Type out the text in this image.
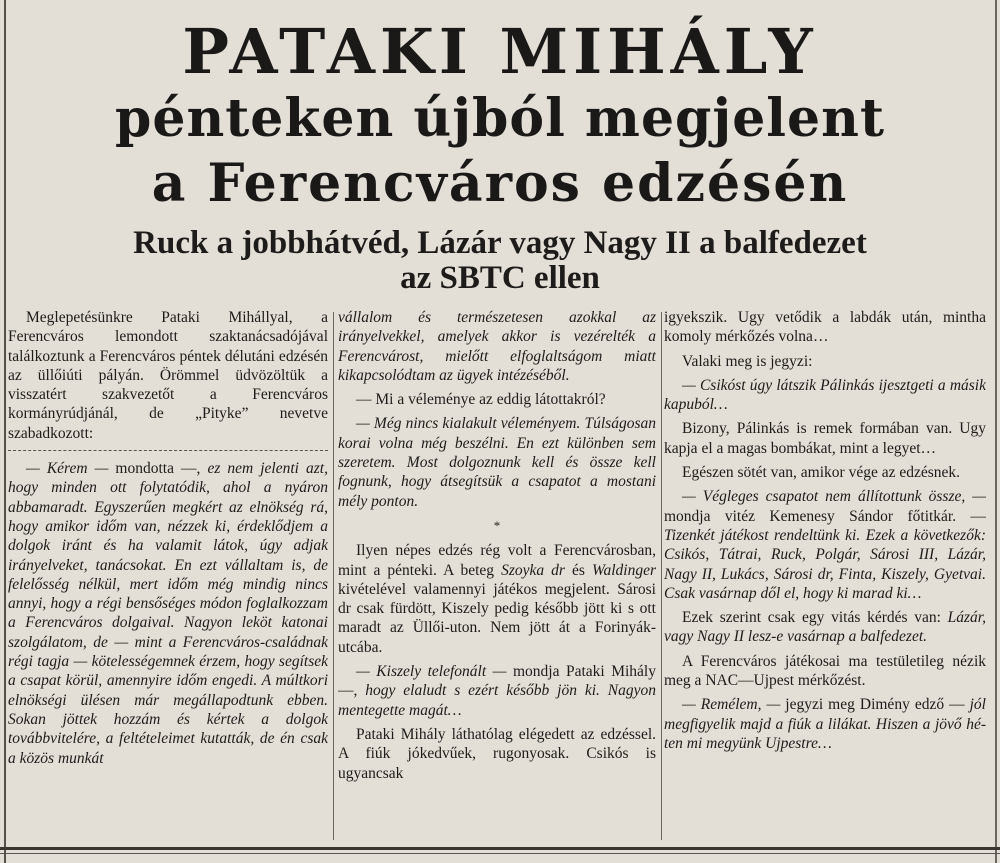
PATAKI MIHÁLY
pénteken újból megjelent
a Ferencváros edzésén
Ruck a jobbhátvéd, Lázár vagy Nagy II a balfedezet
az SBTC ellen

Meglepetésünkre Pataki Mihállyal, a Ferencváros lemondott szaktanácsadójával találkoztunk a Ferencváros péntek délutáni edzésén az üllőiúti pályán. Örömmel üdvözöltük a visszatért szakvezetőt a Ferencváros kormányrúdjánál, de „Pityke” nevetve szabadkozott:

— Kérem — mondotta —, ez nem jelenti azt, hogy minden ott folytatódik, ahol a nyáron abbamaradt. Egyszerűen megkért az elnökség rá, hogy amikor időm van, nézzek ki, érdeklődjem a dolgok iránt és ha valamit látok, úgy adjak irányelveket, tanácsokat. En ezt vállaltam is, de felelősség nélkül, mert időm még mindig nincs annyi, hogy a régi bensőséges módon foglalkozzam a Ferencváros dolgaival. Nagyon leköt katonai szolgálatom, de — mint a Ferencváros-családnak régi tagja — kötelességemnek érzem, hogy segítsek a csapat körül, amennyire időm engedi. A múltkori elnökségi ülésen már megállapodtunk ebben. Sokan jöttek hozzám és kértek a dolgok továbbvitelére, a feltételeimet kutatták, de én csak a közös munkát

vállalom és természetesen azokkal az irányelvekkel, amelyek akkor is vezérelték a Ferencvárost, mielőtt elfoglaltságom miatt kikapcsolódtam az ügyek intézéséből.

— Mi a véleménye az eddig látottakról?

— Még nincs kialakult véleményem. Túlságosan korai volna még beszélni. En ezt különben sem szeretem. Most dolgoznunk kell és össze kell fognunk, hogy átsegítsük a csapatot a mostani mély ponton.

*

Ilyen népes edzés rég volt a Ferencvárosban, mint a pénteki. A beteg Szoyka dr és Waldinger kivételével valamennyi játékos megjelent. Sárosi dr csak fürdött, Kiszely pedig később jött ki s ott maradt az Üllői-uton. Nem jött át a Forinyák-utcába.

— Kiszely telefonált — mondja Pataki Mihály —, hogy elaludt s ezért később jön ki. Nagyon mentegette magát…

Pataki Mihály láthatólag elégedett az edzéssel. A fiúk jókedvűek, rugonyosak. Csikós is ugyancsak

igyekszik. Ugy vetődik a labdák után, mintha komoly mérkőzés volna…

Valaki meg is jegyzi:

— Csikóst úgy látszik Pálinkás ijesztgeti a másik kapuból…

Bizony, Pálinkás is remek formában van. Ugy kapja el a magas bombákat, mint a legyet…

Egészen sötét van, amikor vége az edzésnek.

— Végleges csapatot nem állítottunk össze, — mondja vitéz Kemenesy Sándor főtitkár. — Tizenkét játékost rendeltünk ki. Ezek a következők: Csikós, Tátrai, Ruck, Polgár, Sárosi III, Lázár, Nagy II, Lukács, Sárosi dr, Finta, Kiszely, Gyetvai. Csak vasárnap dől el, hogy ki marad ki…

Ezek szerint csak egy vitás kérdés van: Lázár, vagy Nagy II lesz-e vasárnap a balfedezet.

A Ferencváros játékosai ma testületileg nézik meg a NAC—Ujpest mérkőzést.

— Remélem, — jegyzi meg Dimény edző — jól megfigyelik majd a fiúk a lilákat. Hiszen a jövő héten mi megyünk Ujpestre…
